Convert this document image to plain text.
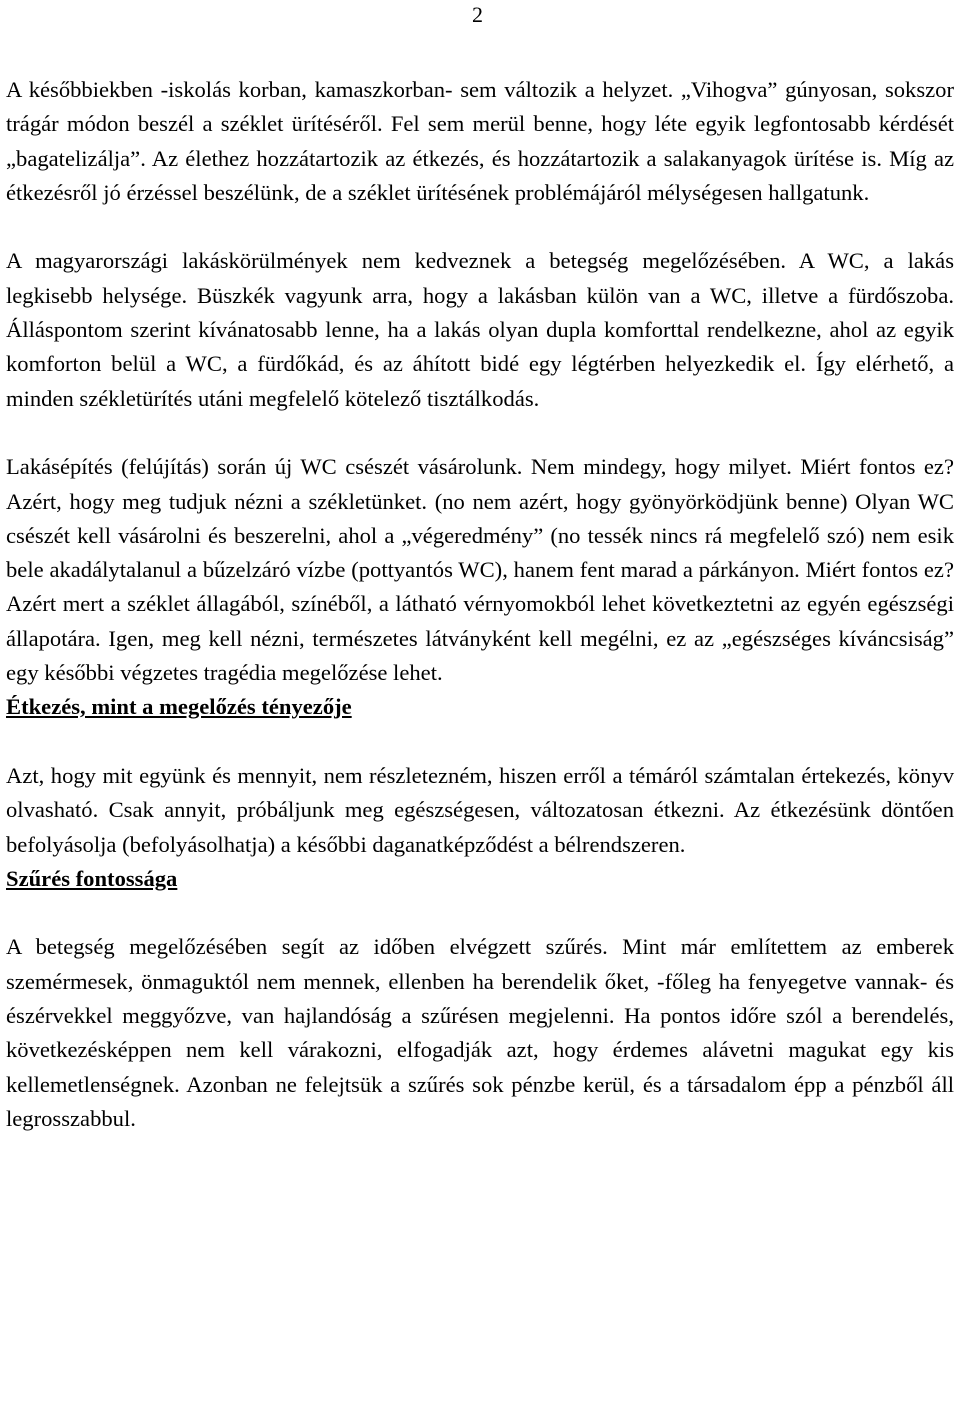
2

A későbbiekben -iskolás korban, kamaszkorban- sem változik a helyzet. „Vihogva” gúnyosan, sokszor trágár módon beszél a széklet ürítéséről. Fel sem merül benne, hogy léte egyik legfontosabb kérdését „bagatelizálja”. Az élethez hozzátartozik az étkezés, és hozzátartozik a salakanyagok ürítése is. Míg az étkezésről jó érzéssel beszélünk, de a széklet ürítésének problémájáról mélységesen hallgatunk.

A magyarországi lakáskörülmények nem kedveznek a betegség megelőzésében. A WC, a lakás legkisebb helysége. Büszkék vagyunk arra, hogy a lakásban külön van a WC, illetve a fürdőszoba. Álláspontom szerint kívánatosabb lenne, ha a lakás olyan dupla komforttal rendelkezne, ahol az egyik komforton belül a WC, a fürdőkád, és az áhított bidé egy légtérben helyezkedik el. Így elérhető, a minden székletürítés utáni megfelelő kötelező tisztálkodás.

Lakásépítés (felújítás) során új WC csészét vásárolunk. Nem mindegy, hogy milyet. Miért fontos ez? Azért, hogy meg tudjuk nézni a székletünket. (no nem azért, hogy gyönyörködjünk benne) Olyan WC csészét kell vásárolni és beszerelni, ahol a „végeredmény” (no tessék nincs rá megfelelő szó) nem esik bele akadálytalanul a bűzelzáró vízbe (pottyantós WC), hanem fent marad a párkányon. Miért fontos ez? Azért mert a széklet állagából, színéből, a látható vérnyomokból lehet következtetni az egyén egészségi állapotára. Igen, meg kell nézni, természetes látványként kell megélni, ez az „egészséges kíváncsiság” egy későbbi végzetes tragédia megelőzése lehet.

Étkezés, mint a megelőzés tényezője

Azt, hogy mit együnk és mennyit, nem részletezném, hiszen erről a témáról számtalan értekezés, könyv olvasható. Csak annyit, próbáljunk meg egészségesen, változatosan étkezni. Az étkezésünk döntően befolyásolja (befolyásolhatja) a későbbi daganatképződést a bélrendszeren.

Szűrés fontossága

A betegség megelőzésében segít az időben elvégzett szűrés. Mint már említettem az emberek szemérmesek, önmaguktól nem mennek, ellenben ha berendelik őket, -főleg ha fenyegetve vannak- és észérvekkel meggyőzve, van hajlandóság a szűrésen megjelenni. Ha pontos időre szól a berendelés, következésképpen nem kell várakozni, elfogadják azt, hogy érdemes alávetni magukat egy kis kellemetlenségnek. Azonban ne felejtsük a szűrés sok pénzbe kerül, és a társadalom épp a pénzből áll legrosszabbul.
